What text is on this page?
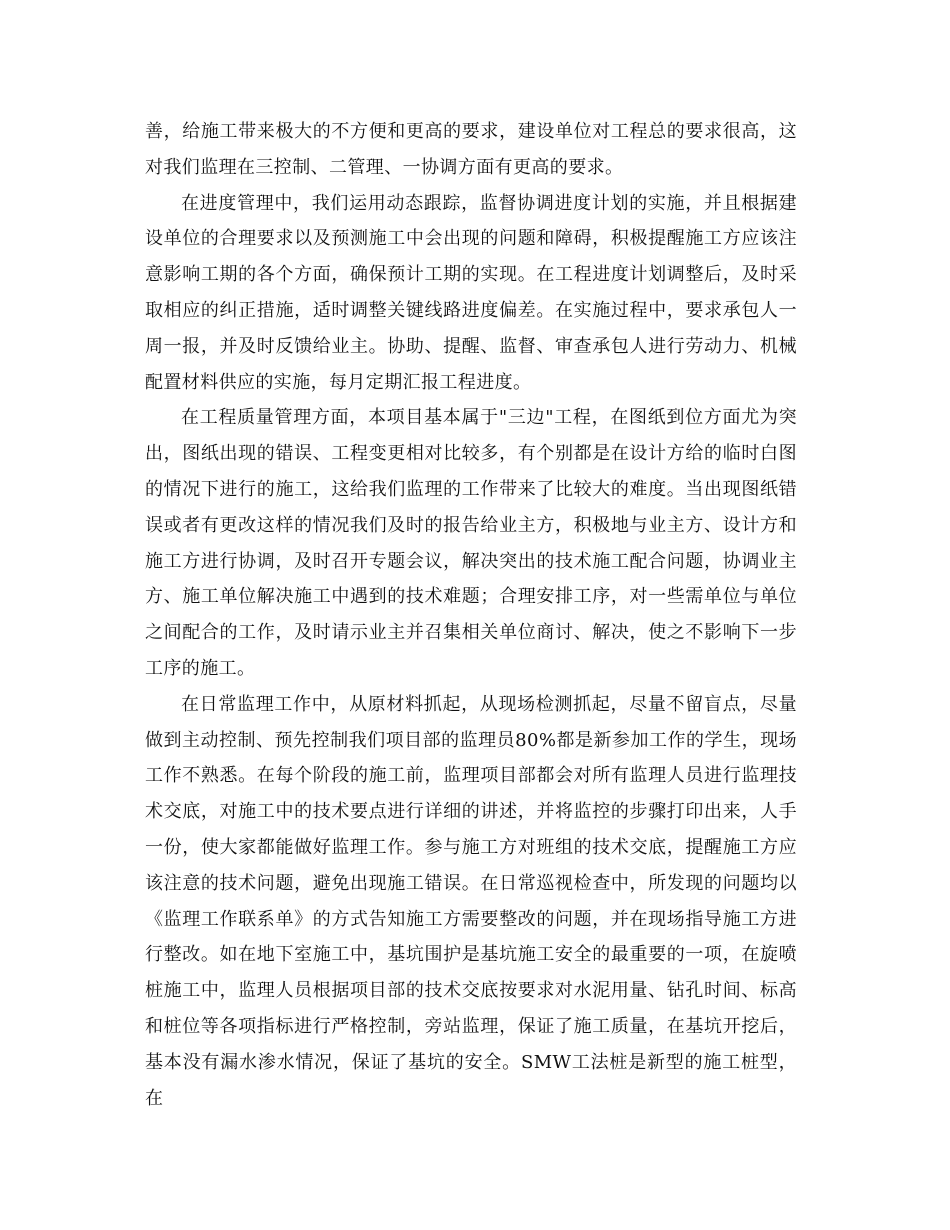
善，给施工带来极大的不方便和更高的要求，建设单位对工程总的要求很高，这对我们监理在三控制、二管理、一协调方面有更高的要求。

在进度管理中，我们运用动态跟踪，监督协调进度计划的实施，并且根据建设单位的合理要求以及预测施工中会出现的问题和障碍，积极提醒施工方应该注意影响工期的各个方面，确保预计工期的实现。在工程进度计划调整后，及时采取相应的纠正措施，适时调整关键线路进度偏差。在实施过程中，要求承包人一周一报，并及时反馈给业主。协助、提醒、监督、审查承包人进行劳动力、机械配置材料供应的实施，每月定期汇报工程进度。

在工程质量管理方面，本项目基本属于"三边"工程，在图纸到位方面尤为突出，图纸出现的错误、工程变更相对比较多，有个别都是在设计方给的临时白图的情况下进行的施工，这给我们监理的工作带来了比较大的难度。当出现图纸错误或者有更改这样的情况我们及时的报告给业主方，积极地与业主方、设计方和施工方进行协调，及时召开专题会议，解决突出的技术施工配合问题，协调业主方、施工单位解决施工中遇到的技术难题；合理安排工序，对一些需单位与单位之间配合的工作，及时请示业主并召集相关单位商讨、解决，使之不影响下一步工序的施工。

在日常监理工作中，从原材料抓起，从现场检测抓起，尽量不留盲点，尽量做到主动控制、预先控制我们项目部的监理员80%都是新参加工作的学生，现场工作不熟悉。在每个阶段的施工前，监理项目部都会对所有监理人员进行监理技术交底，对施工中的技术要点进行详细的讲述，并将监控的步骤打印出来，人手一份，使大家都能做好监理工作。参与施工方对班组的技术交底，提醒施工方应该注意的技术问题，避免出现施工错误。在日常巡视检查中，所发现的问题均以《监理工作联系单》的方式告知施工方需要整改的问题，并在现场指导施工方进行整改。如在地下室施工中，基坑围护是基坑施工安全的最重要的一项，在旋喷桩施工中，监理人员根据项目部的技术交底按要求对水泥用量、钻孔时间、标高和桩位等各项指标进行严格控制，旁站监理，保证了施工质量，在基坑开挖后，基本没有漏水渗水情况，保证了基坑的安全。SMW工法桩是新型的施工桩型，在
